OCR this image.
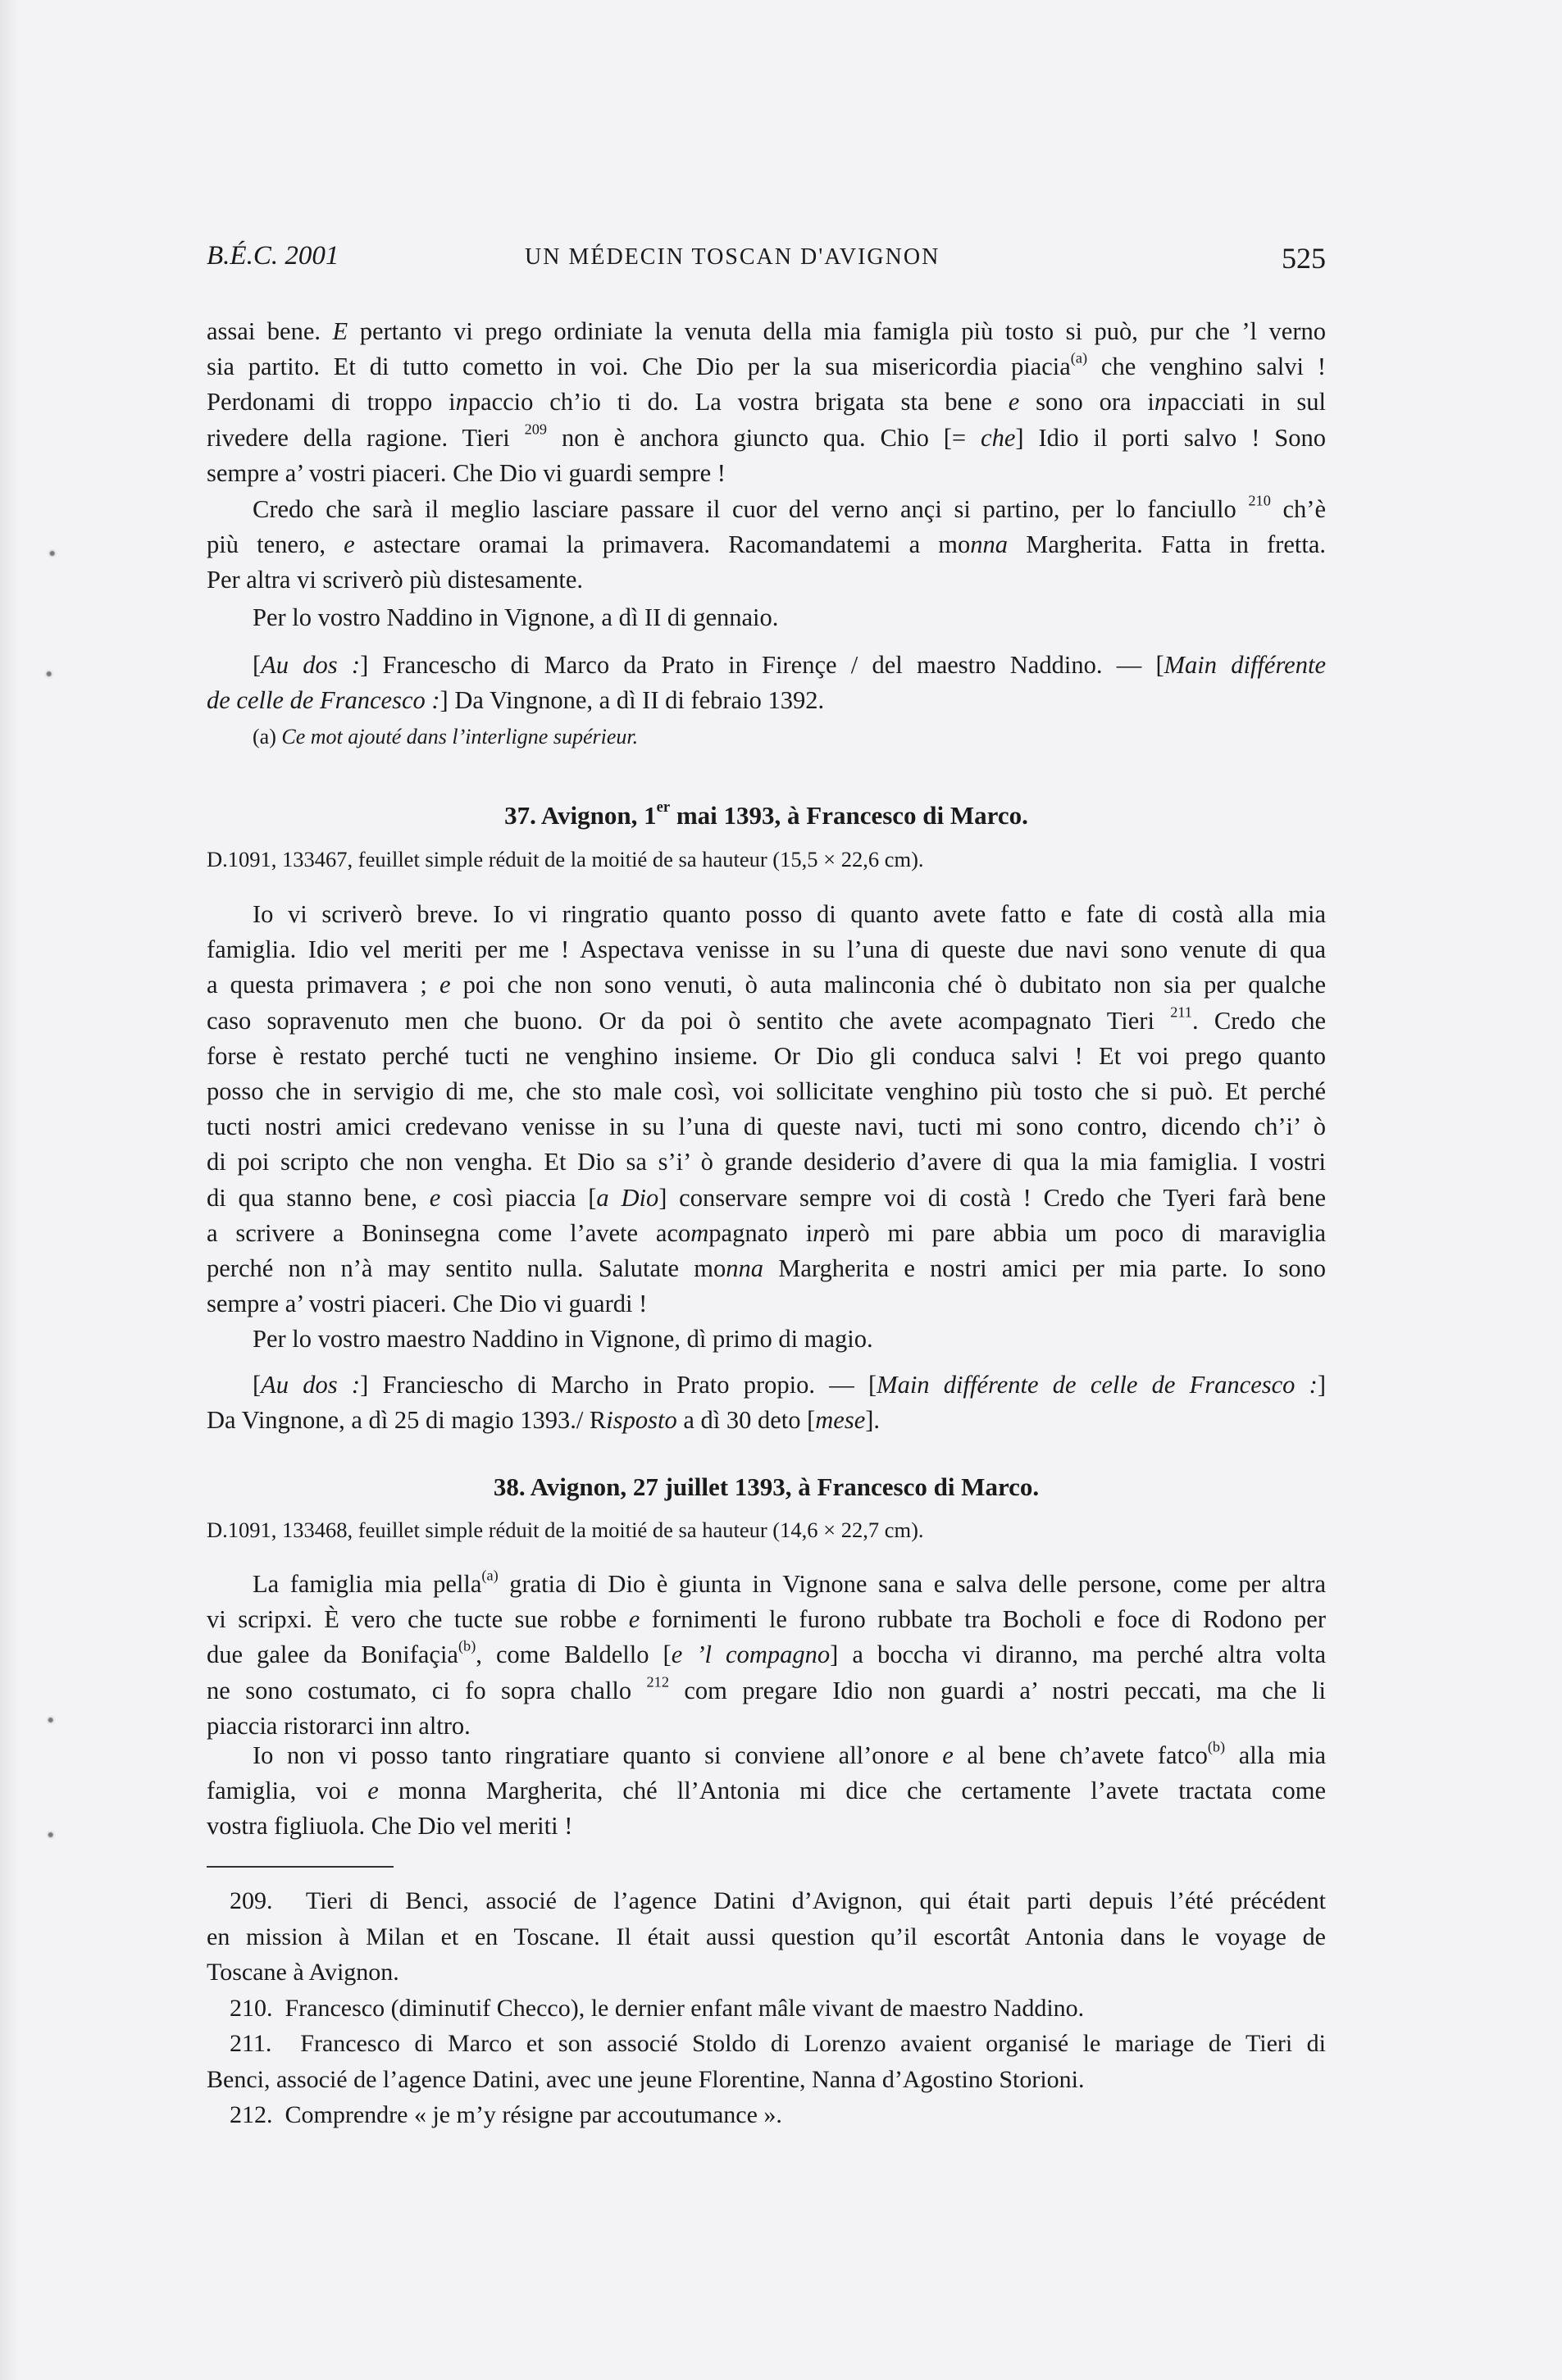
B.É.C. 2001	UN MÉDECIN TOSCAN D'AVIGNON	525
assai bene. E pertanto vi prego ordiniate la venuta della mia famigla più tosto si può, pur che ’l verno
sia partito. Et di tutto cometto in voi. Che Dio per la sua misericordia piacia$^{(a)}$ che venghino salvi !
Perdonami di troppo inpaccio ch’io ti do. La vostra brigata sta bene e sono ora inpacciati in sul
rivedere della ragione. Tieri $^{209}$ non è anchora giuncto qua. Chio [= che] Idio il porti salvo ! Sono
sempre a’ vostri piaceri. Che Dio vi guardi sempre !
Credo che sarà il meglio lasciare passare il cuor del verno ançi si partino, per lo fanciullo $^{210}$ ch’è
più tenero, e astectare oramai la primavera. Racomandatemi a monna Margherita. Fatta in fretta.
Per altra vi scriverò più distesamente.
Per lo vostro Naddino in Vignone, a dì II di gennaio.
[Au dos :] Francescho di Marco da Prato in Firençe / del maestro Naddino. — [Main différente
de celle de Francesco :] Da Vingnone, a dì II di febraio 1392.
(a) Ce mot ajouté dans l’interligne supérieur.
37. Avignon, 1er mai 1393, à Francesco di Marco.
D.1091, 133467, feuillet simple réduit de la moitié de sa hauteur (15,5 × 22,6 cm).
Io vi scriverò breve. Io vi ringratio quanto posso di quanto avete fatto e fate di costà alla mia
famiglia. Idio vel meriti per me ! Aspectava venisse in su l’una di queste due navi sono venute di qua
a questa primavera ; e poi che non sono venuti, ò auta malinconia ché ò dubitato non sia per qualche
caso sopravenuto men che buono. Or da poi ò sentito che avete acompagnato Tieri $^{211}$. Credo che
forse è restato perché tucti ne venghino insieme. Or Dio gli conduca salvi ! Et voi prego quanto
posso che in servigio di me, che sto male così, voi sollicitate venghino più tosto che si può. Et perché
tucti nostri amici credevano venisse in su l’una di queste navi, tucti mi sono contro, dicendo ch’i’ ò
di poi scripto che non vengha. Et Dio sa s’i’ ò grande desiderio d’avere di qua la mia famiglia. I vostri
di qua stanno bene, e così piaccia [a Dio] conservare sempre voi di costà ! Credo che Tyeri farà bene
a scrivere a Boninsegna come l’avete acompagnato inperò mi pare abbia um poco di maraviglia
perché non n’à may sentito nulla. Salutate monna Margherita e nostri amici per mia parte. Io sono
sempre a’ vostri piaceri. Che Dio vi guardi !
Per lo vostro maestro Naddino in Vignone, dì primo di magio.
[Au dos :] Franciescho di Marcho in Prato propio. — [Main différente de celle de Francesco :]
Da Vingnone, a dì 25 di magio 1393./ Risposto a dì 30 deto [mese].
38. Avignon, 27 juillet 1393, à Francesco di Marco.
D.1091, 133468, feuillet simple réduit de la moitié de sa hauteur (14,6 × 22,7 cm).
La famiglia mia pella$^{(a)}$ gratia di Dio è giunta in Vignone sana e salva delle persone, come per altra
vi scripxi. È vero che tucte sue robbe e fornimenti le furono rubbate tra Bocholi e foce di Rodono per
due galee da Bonifaçia$^{(b)}$, come Baldello [e ’l compagno] a boccha vi diranno, ma perché altra volta
ne sono costumato, ci fo sopra challo $^{212}$ com pregare Idio non guardi a’ nostri peccati, ma che li
piaccia ristorarci inn altro.
Io non vi posso tanto ringratiare quanto si conviene all’onore e al bene ch’avete fatco$^{(b)}$ alla mia
famiglia, voi e monna Margherita, ché ll’Antonia mi dice che certamente l’avete tractata come
vostra figliuola. Che Dio vel meriti !
209.  Tieri di Benci, associé de l’agence Datini d’Avignon, qui était parti depuis l’été précédent
en mission à Milan et en Toscane. Il était aussi question qu’il escortât Antonia dans le voyage de
Toscane à Avignon.
210. Francesco (diminutif Checco), le dernier enfant mâle vivant de maestro Naddino.
211.  Francesco di Marco et son associé Stoldo di Lorenzo avaient organisé le mariage de Tieri di
Benci, associé de l’agence Datini, avec une jeune Florentine, Nanna d’Agostino Storioni.
212. Comprendre « je m’y résigne par accoutumance ».
